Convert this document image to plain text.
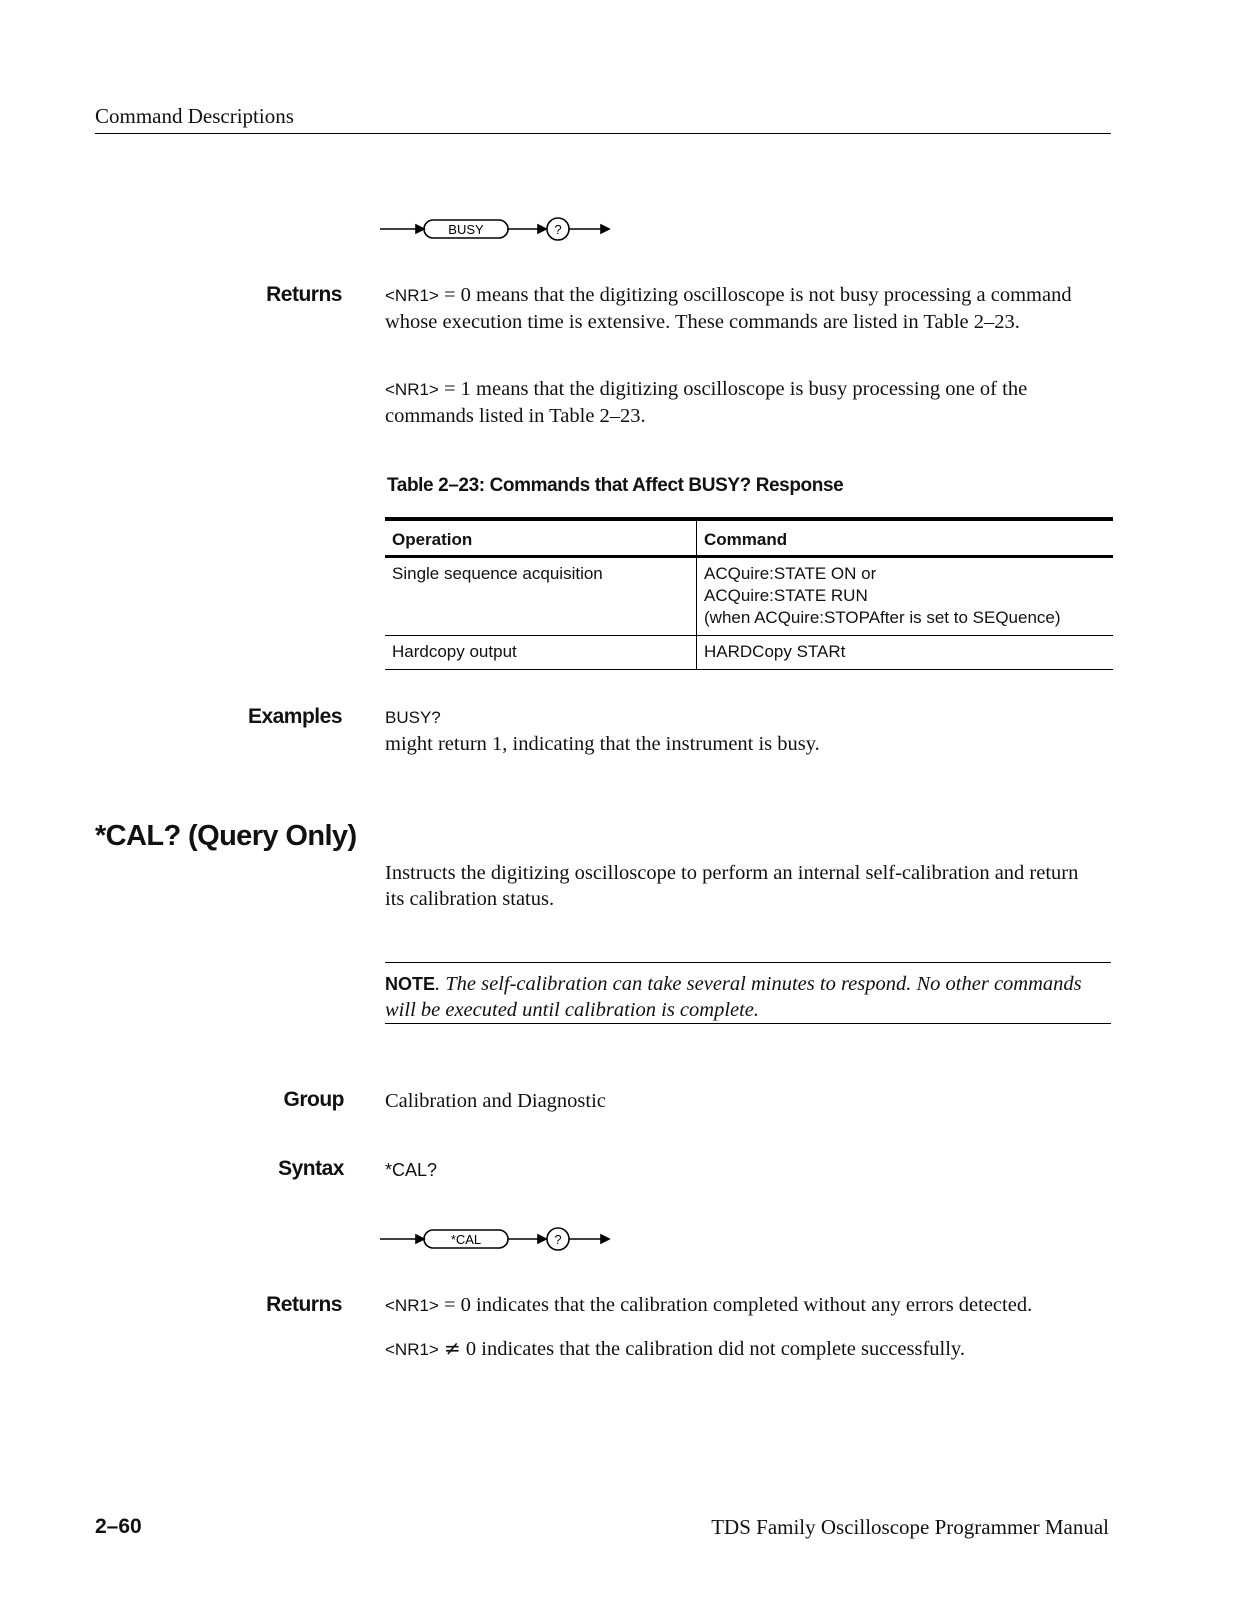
Command Descriptions
BUSY	?
Returns	<NR1> = 0 means that the digitizing oscilloscope is not busy processing a command whose execution time is extensive. These commands are listed in Table 2–23.
<NR1> = 1 means that the digitizing oscilloscope is busy processing one of the commands listed in Table 2–23.
Table 2–23: Commands that Affect BUSY? Response
Operation	Command
Single sequence acquisition	ACQuire:STATE ON or
ACQuire:STATE RUN
(when ACQuire:STOPAfter is set to SEQuence)

Hardcopy output	HARDCopy STARt
Examples	BUSY?
might return 1, indicating that the instrument is busy.
*CAL? (Query Only)
Instructs the digitizing oscilloscope to perform an internal self-calibration and return its calibration status.
NOTE. The self-calibration can take several minutes to respond. No other commands will be executed until calibration is complete.
Group Calibration and Diagnostic
Syntax *CAL?
*CAL	?
Returns	<NR1> = 0 indicates that the calibration completed without any errors detected.
<NR1> ≠ 0 indicates that the calibration did not complete successfully.
2–60	TDS Family Oscilloscope Programmer Manual
